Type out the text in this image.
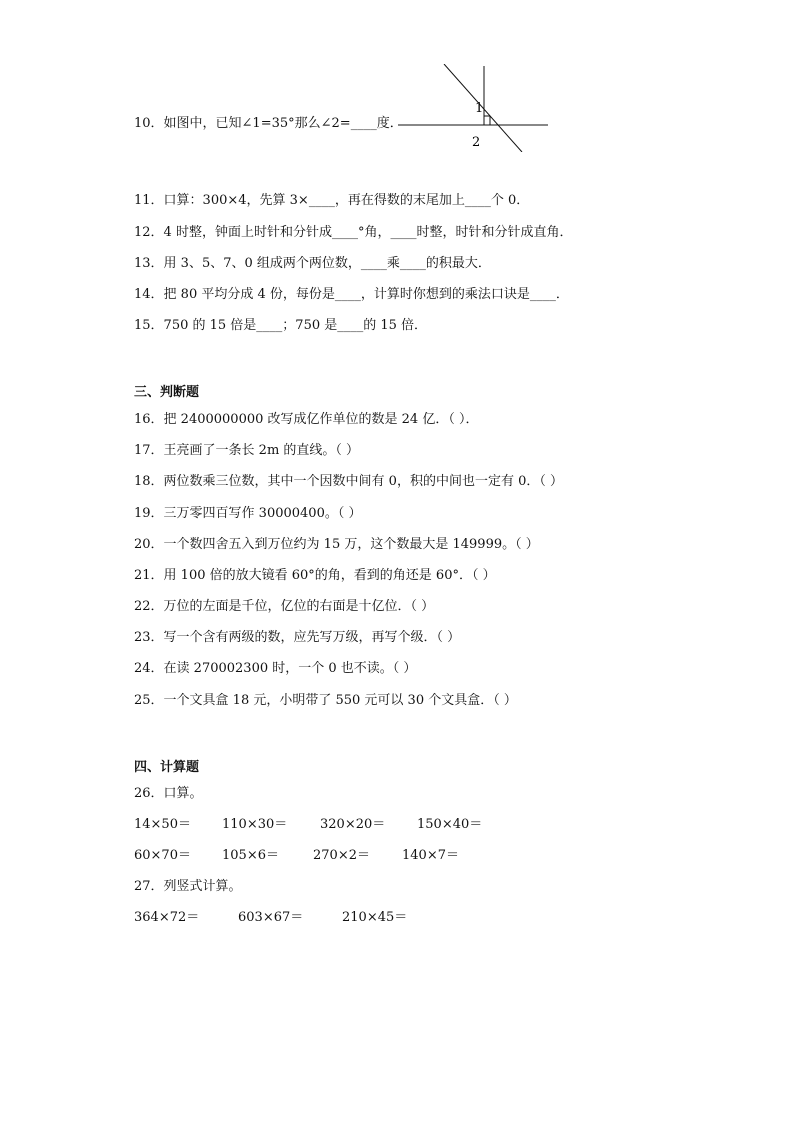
10．如图中，已知∠1=35°那么∠2=____度．
1
2
11．口算：300×4，先算 3×____，再在得数的末尾加上____个 0．
12．4 时整，钟面上时针和分针成____°角，____时整，时针和分针成直角．
13．用 3、5、7、0 组成两个两位数，____乘____的积最大．
14．把 80 平均分成 4 份，每份是____，计算时你想到的乘法口诀是____．
15．750 的 15 倍是____；750 是____的 15 倍．
三、判断题
16．把 2400000000 改写成亿作单位的数是 24 亿．（ ）．
17．王亮画了一条长 2m 的直线。（ ）
18．两位数乘三位数，其中一个因数中间有 0，积的中间也一定有 0．（ ）
19．三万零四百写作 30000400。（ ）
20．一个数四舍五入到万位约为 15 万，这个数最大是 149999。（ ）
21．用 100 倍的放大镜看 60°的角，看到的角还是 60°．（ ）
22．万位的左面是千位，亿位的右面是十亿位．（ ）
23．写一个含有两级的数，应先写万级，再写个级．（ ）
24．在读 270002300 时，一个 0 也不读。（ ）
25．一个文具盒 18 元，小明带了 550 元可以 30 个文具盒．（ ）
四、计算题
26．口算。
14×50＝ 110×30＝	320×20＝ 150×40＝
60×70＝ 105×6＝	270×2＝ 140×7＝
27．列竖式计算。
364×72＝	603×67＝	210×45＝
